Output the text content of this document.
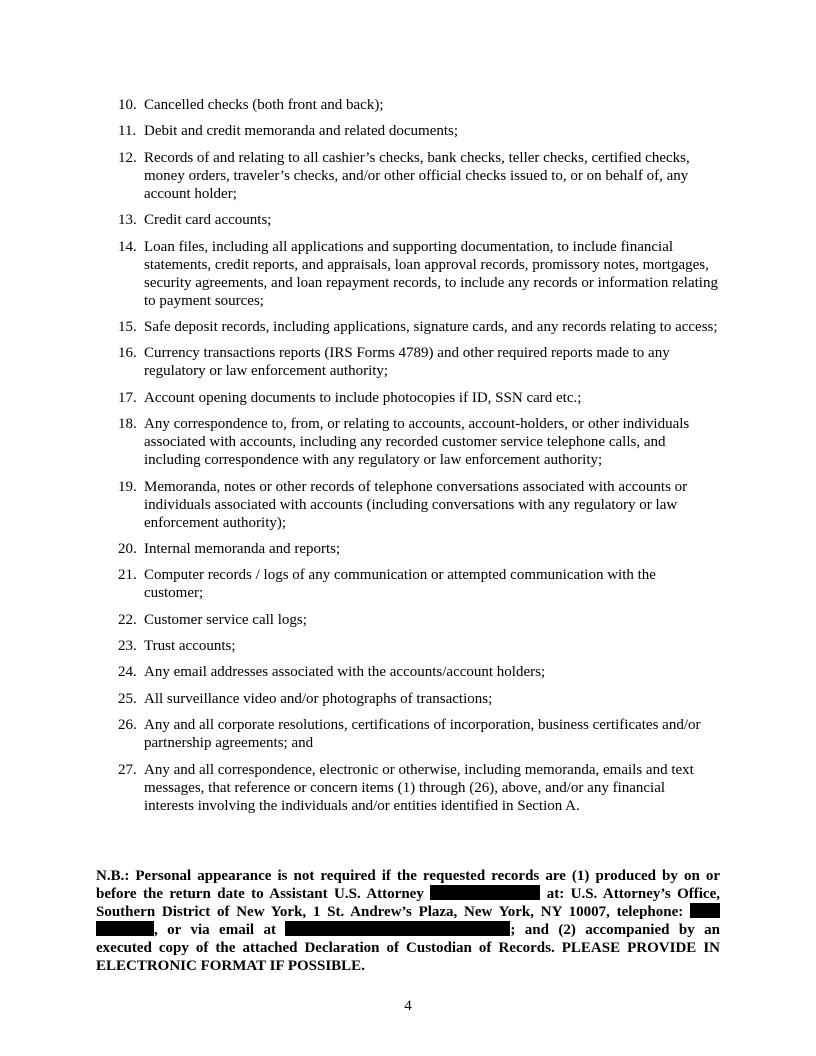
10. Cancelled checks (both front and back);
11. Debit and credit memoranda and related documents;
12. Records of and relating to all cashier’s checks, bank checks, teller checks, certified checks, money orders, traveler’s checks, and/or other official checks issued to, or on behalf of, any account holder;
13. Credit card accounts;
14. Loan files, including all applications and supporting documentation, to include financial statements, credit reports, and appraisals, loan approval records, promissory notes, mortgages, security agreements, and loan repayment records, to include any records or information relating to payment sources;
15. Safe deposit records, including applications, signature cards, and any records relating to access;
16. Currency transactions reports (IRS Forms 4789) and other required reports made to any regulatory or law enforcement authority;
17. Account opening documents to include photocopies if ID, SSN card etc.;
18. Any correspondence to, from, or relating to accounts, account-holders, or other individuals associated with accounts, including any recorded customer service telephone calls, and including correspondence with any regulatory or law enforcement authority;
19. Memoranda, notes or other records of telephone conversations associated with accounts or individuals associated with accounts (including conversations with any regulatory or law enforcement authority);
20. Internal memoranda and reports;
21. Computer records / logs of any communication or attempted communication with the customer;
22. Customer service call logs;
23. Trust accounts;
24. Any email addresses associated with the accounts/account holders;
25. All surveillance video and/or photographs of transactions;
26. Any and all corporate resolutions, certifications of incorporation, business certificates and/or partnership agreements; and
27. Any and all correspondence, electronic or otherwise, including memoranda, emails and text messages, that reference or concern items (1) through (26), above, and/or any financial interests involving the individuals and/or entities identified in Section A.
N.B.: Personal appearance is not required if the requested records are (1) produced by on or before the return date to Assistant U.S. Attorney	at: U.S. Attorney’s Office, Southern District of New York, 1 St. Andrew’s Plaza, New York, NY 10007, telephone:  , or via email at	; and (2) accompanied by an executed copy of the attached Declaration of Custodian of Records. PLEASE PROVIDE IN ELECTRONIC FORMAT IF POSSIBLE.
4
